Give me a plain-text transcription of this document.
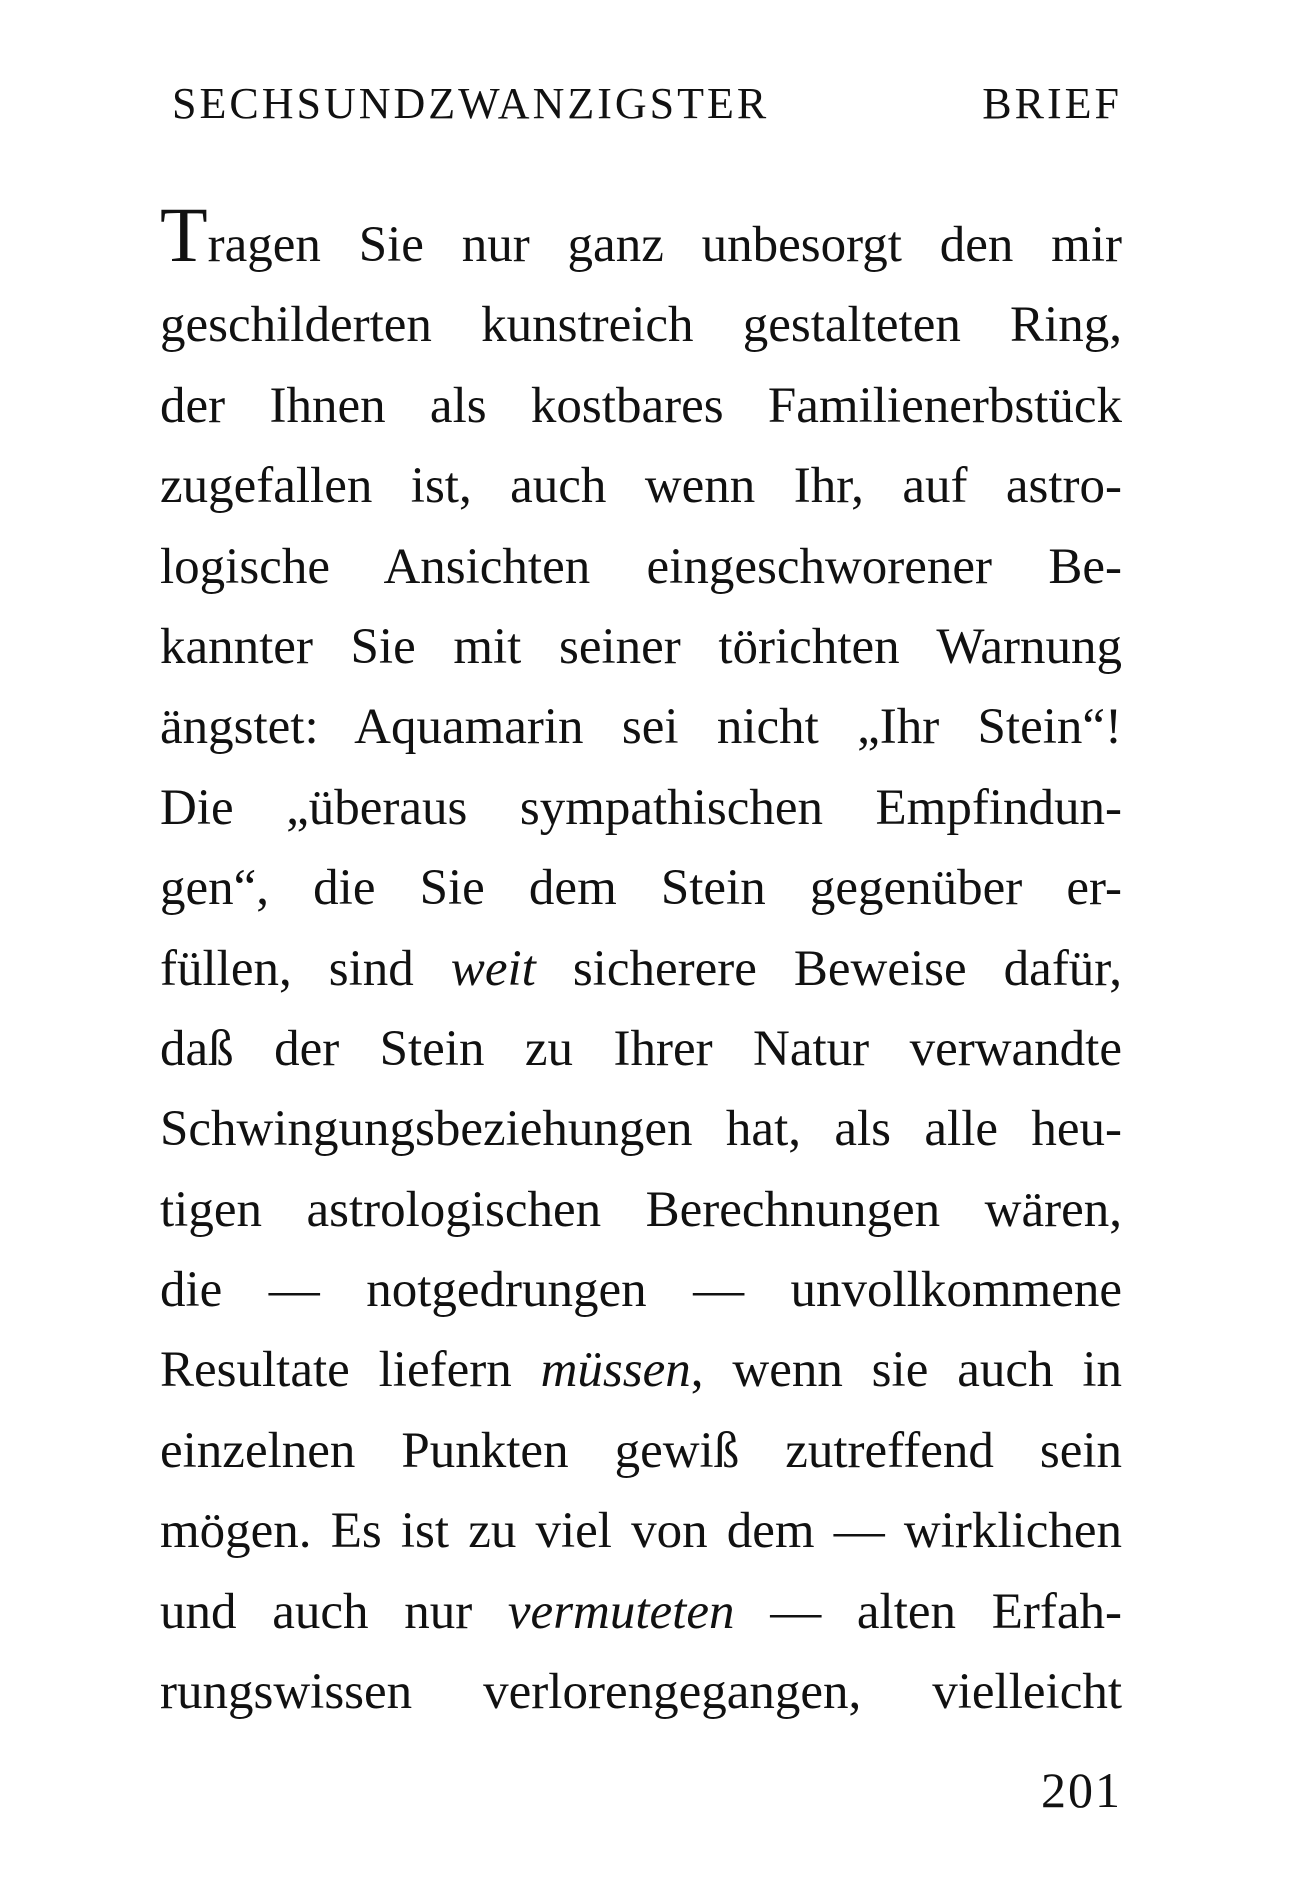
SECHSUNDZWANZIGSTER BRIEF
Tragen Sie nur ganz unbesorgt den mir
geschilderten kunstreich gestalteten Ring,
der Ihnen als kostbares Familienerbstück
zugefallen ist, auch wenn Ihr, auf astro-
logische Ansichten eingeschworener Be-
kannter Sie mit seiner törichten Warnung
ängstet: Aquamarin sei nicht „Ihr Stein“!
Die „überaus sympathischen Empfindun-
gen“, die Sie dem Stein gegenüber er-
füllen, sind weit sicherere Beweise dafür,
daß der Stein zu Ihrer Natur verwandte
Schwingungsbeziehungen hat, als alle heu-
tigen astrologischen Berechnungen wären,
die — notgedrungen — unvollkommene
Resultate liefern müssen, wenn sie auch in
einzelnen Punkten gewiß zutreffend sein
mögen. Es ist zu viel von dem — wirklichen
und auch nur vermuteten — alten Erfah-
rungswissen verlorengegangen, vielleicht
201
